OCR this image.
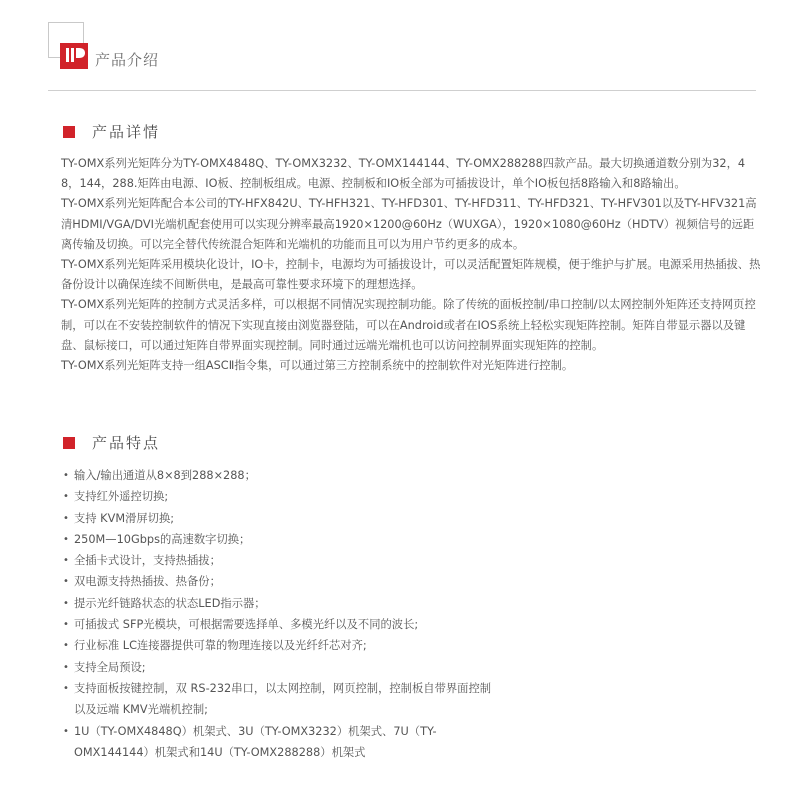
产品介绍
产品详情

TY-OMX系列光矩阵分为TY-OMX4848Q、TY-OMX3232、TY-OMX144144、TY-OMX288288四款产品。最大切换通道数分别为32，48，144，288.矩阵由电源、IO板、控制板组成。电源、控制板和IO板全部为可插拔设计，单个IO板包括8路输入和8路输出。

TY-OMX系列光矩阵配合本公司的TY-HFX842U、TY-HFH321、TY-HFD301、TY-HFD311、TY-HFD321、TY-HFV301以及TY-HFV321高清HDMI/VGA/DVI光端机配套使用可以实现分辨率最高1920×1200@60Hz（WUXGA），1920×1080@60Hz（HDTV）视频信号的远距离传输及切换。可以完全替代传统混合矩阵和光端机的功能而且可以为用户节约更多的成本。

TY-OMX系列光矩阵采用模块化设计，IO卡，控制卡，电源均为可插拔设计，可以灵活配置矩阵规模，便于维护与扩展。电源采用热插拔、热备份设计以确保连续不间断供电，是最高可靠性要求环境下的理想选择。

TY-OMX系列光矩阵的控制方式灵活多样，可以根据不同情况实现控制功能。除了传统的面板控制/串口控制/以太网控制外矩阵还支持网页控制，可以在不安装控制软件的情况下实现直接由浏览器登陆，可以在Android或者在IOS系统上轻松实现矩阵控制。矩阵自带显示器以及键盘、鼠标接口，可以通过矩阵自带界面实现控制。同时通过远端光端机也可以访问控制界面实现矩阵的控制。

TY-OMX系列光矩阵支持一组ASCⅡ指令集，可以通过第三方控制系统中的控制软件对光矩阵进行控制。

产品特点
• 输入/输出通道从8×8到288×288；
• 支持红外遥控切换;
• 支持 KVM滑屏切换;
• 250M—10Gbps的高速数字切换；
• 全插卡式设计，支持热插拔；
• 双电源支持热插拔、热备份；
• 提示光纤链路状态的状态LED指示器；
• 可插拔式 SFP光模块，可根据需要选择单、多模光纤以及不同的波长;
• 行业标准 LC连接器提供可靠的物理连接以及光纤纤芯对齐;
• 支持全局预设;
• 支持面板按键控制，双 RS-232串口，以太网控制，网页控制，控制板自带界面控制以及远端 KMV光端机控制;
• 1U（TY-OMX4848Q）机架式、3U（TY-OMX3232）机架式、7U（TY-OMX144144）机架式和14U（TY-OMX288288）机架式
